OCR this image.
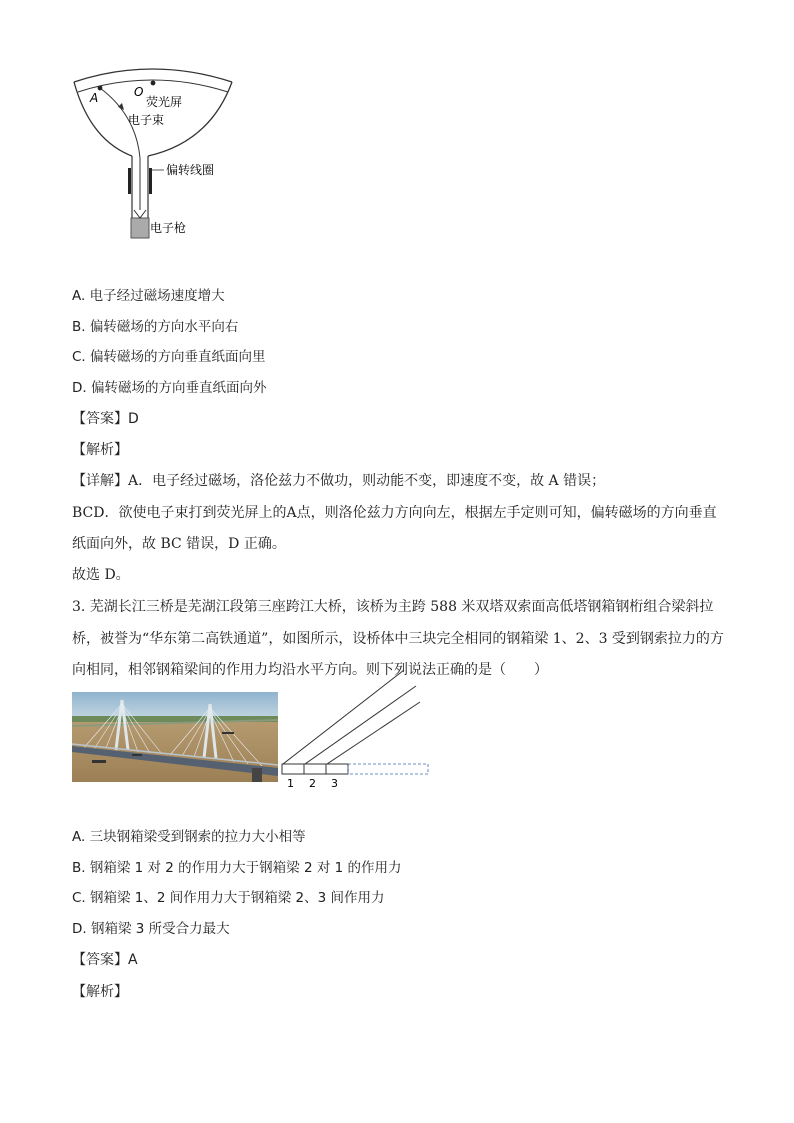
A	O
荧光屏
电子束
偏转线圈
电子枪
A. 电子经过磁场速度增大
B. 偏转磁场的方向水平向右
C. 偏转磁场的方向垂直纸面向里
D. 偏转磁场的方向垂直纸面向外
【答案】D
【解析】
【详解】A．电子经过磁场，洛伦兹力不做功，则动能不变，即速度不变，故 A 错误；
BCD．欲使电子束打到荧光屏上的A点，则洛伦兹力方向向左，根据左手定则可知，偏转磁场的方向垂直
纸面向外，故 BC 错误，D 正确。
故选 D。
3. 芜湖长江三桥是芜湖江段第三座跨江大桥，该桥为主跨 588 米双塔双索面高低塔钢箱钢桁组合梁斜拉
桥，被誉为“华东第二高铁通道”，如图所示，设桥体中三块完全相同的钢箱梁 1、2、3 受到钢索拉力的方
向相同，相邻钢箱梁间的作用力均沿水平方向。则下列说法正确的是（　　）
1 2 3
A. 三块钢箱梁受到钢索的拉力大小相等
B. 钢箱梁 1 对 2 的作用力大于钢箱梁 2 对 1 的作用力
C. 钢箱梁 1、2 间作用力大于钢箱梁 2、3 间作用力
D. 钢箱梁 3 所受合力最大
【答案】A
【解析】
